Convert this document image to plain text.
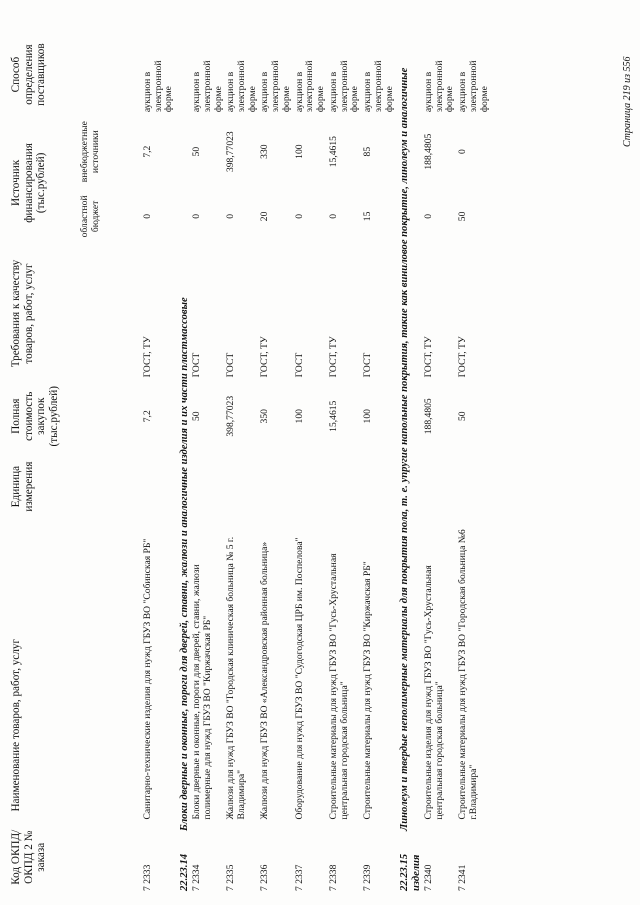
Код ОКПД/ ОКПД 2 № заказа	Наименование товаров, работ, услуг	Единица измерения	Полная стоимость закупок (тыс.рублей)	Требования к качеству товаров, работ, услуг	Источник финансирования (тыс.рублей)		Способ определения поставщиков
					областной бюджет	внебюджетные источники	

7 2333	Санитарно-технические изделия для нужд ГБУЗ ВО "Собинская РБ"		7,2	ГОСТ, ТУ	0	7,2	аукцион в электронной форме
22.23.14Блоки дверные и оконные, пороги для дверей, ставни, жалюзи и аналогичные изделия и их части пластмассовые							
7 2334	Блоки дверные и оконные, пороги для дверей, ставни, жалюзи полимерные для нужд ГБУЗ ВО "Киржачская РБ"		50	ГОСТ	0	50	аукцион в электронной форме
7 2335	Жалюзи для нужд ГБУЗ ВО "Городская клиническая больница № 5 г. Владимира"		398,77023	ГОСТ	0	398,77023	аукцион в электронной форме
7 2336	Жалюзи для нужд ГБУЗ ВО «Александровская районная больница»		350	ГОСТ, ТУ	20	330	аукцион в электронной форме
7 2337	Оборудование для нужд ГБУЗ ВО "Судогодская ЦРБ им. Поспелова"		100	ГОСТ	0	100	аукцион в электронной форме
7 2338	Строительные материалы для нужд ГБУЗ ВО "Гусь-Хрустальная центральная городская больница"		15,4615	ГОСТ, ТУ	0	15,4615	аукцион в электронной форме
7 2339	Строительные материалы для нужд ГБУЗ ВО "Киржачская РБ"		100	ГОСТ	15	85	аукцион в электронной форме
22.23.15Линолеум и твердые неполимерные материалы для покрытия пола, т. е. упругие напольные покрытия, такие как виниловое покрытие, линолеум и аналогичные изделия							
7 2340	Строительные изделия для нужд ГБУЗ ВО "Гусь-Хрустальная центральная городская больница"		188,4805	ГОСТ, ТУ	0	188,4805	аукцион в электронной форме
7 2341	Строительные материалы для нужд ГБУЗ ВО "Городская больница №6 г.Владимира"		50	ГОСТ, ТУ	50	0	аукцион в электронной форме	Страница 219 из 556
